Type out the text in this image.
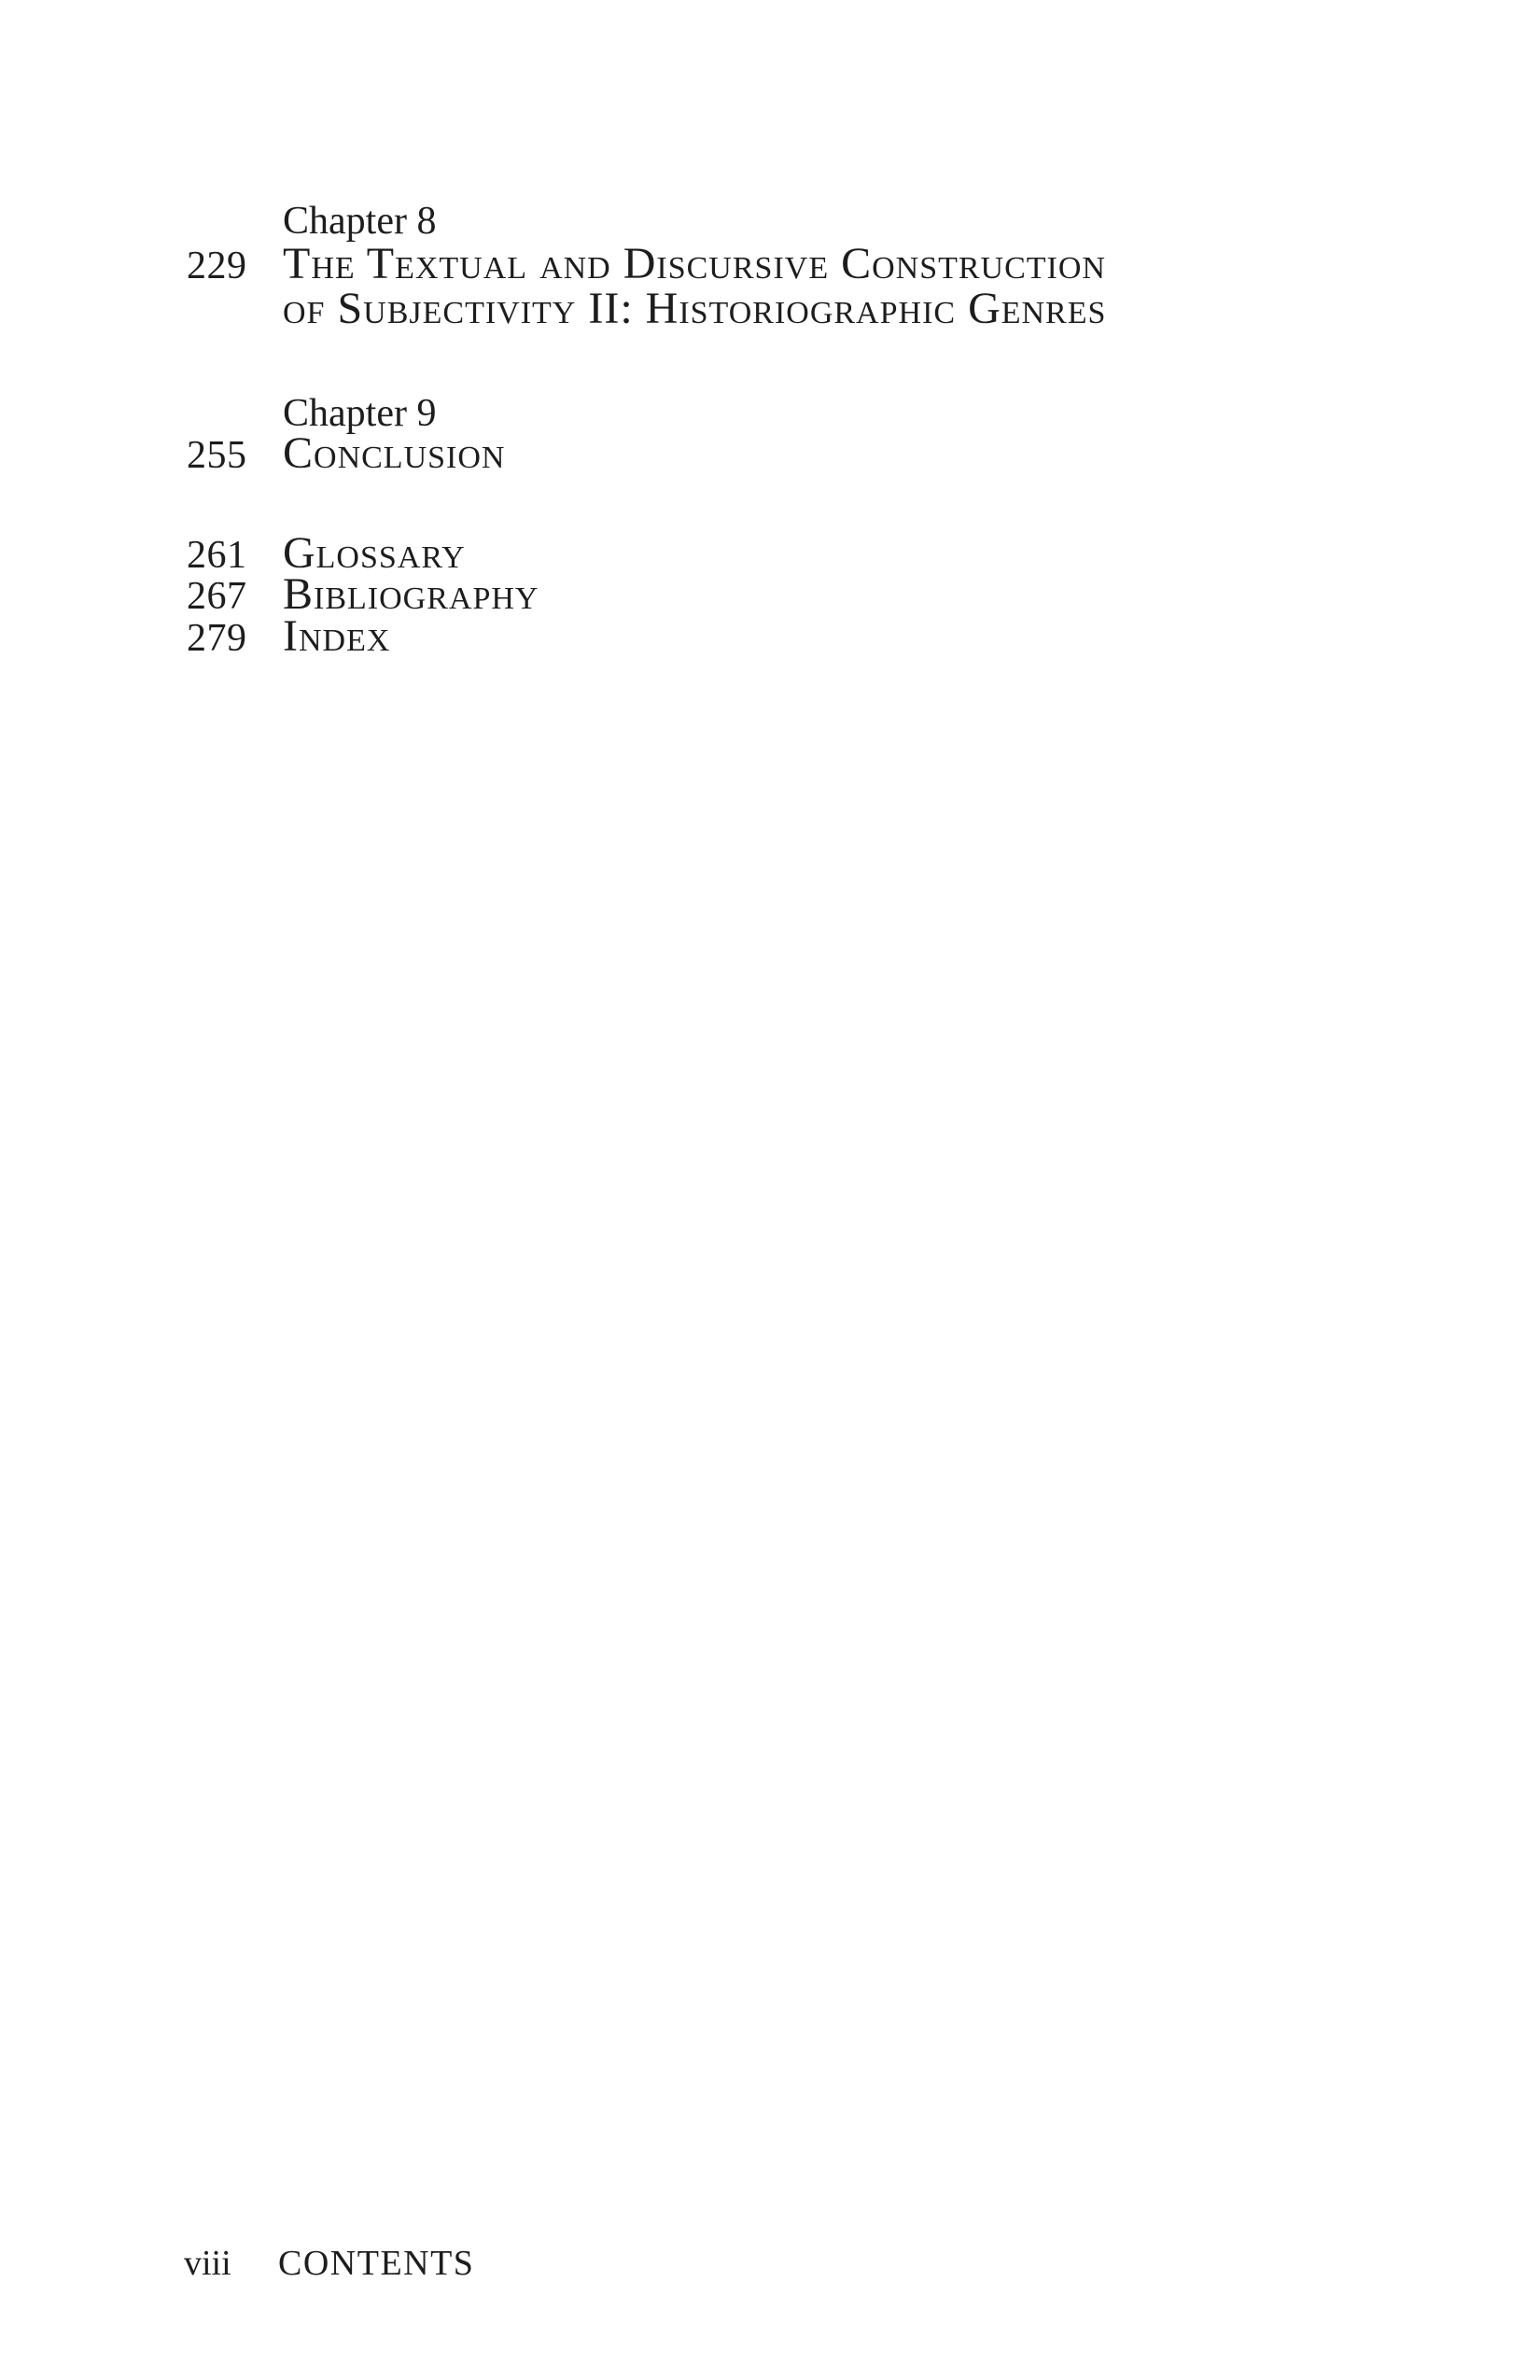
Chapter 8
229 The Textual and Discursive Construction
of Subjectivity II: Historiographic Genres
Chapter 9
255 Conclusion
261 Glossary
267 Bibliography
279 Index
viii CONTENTS
